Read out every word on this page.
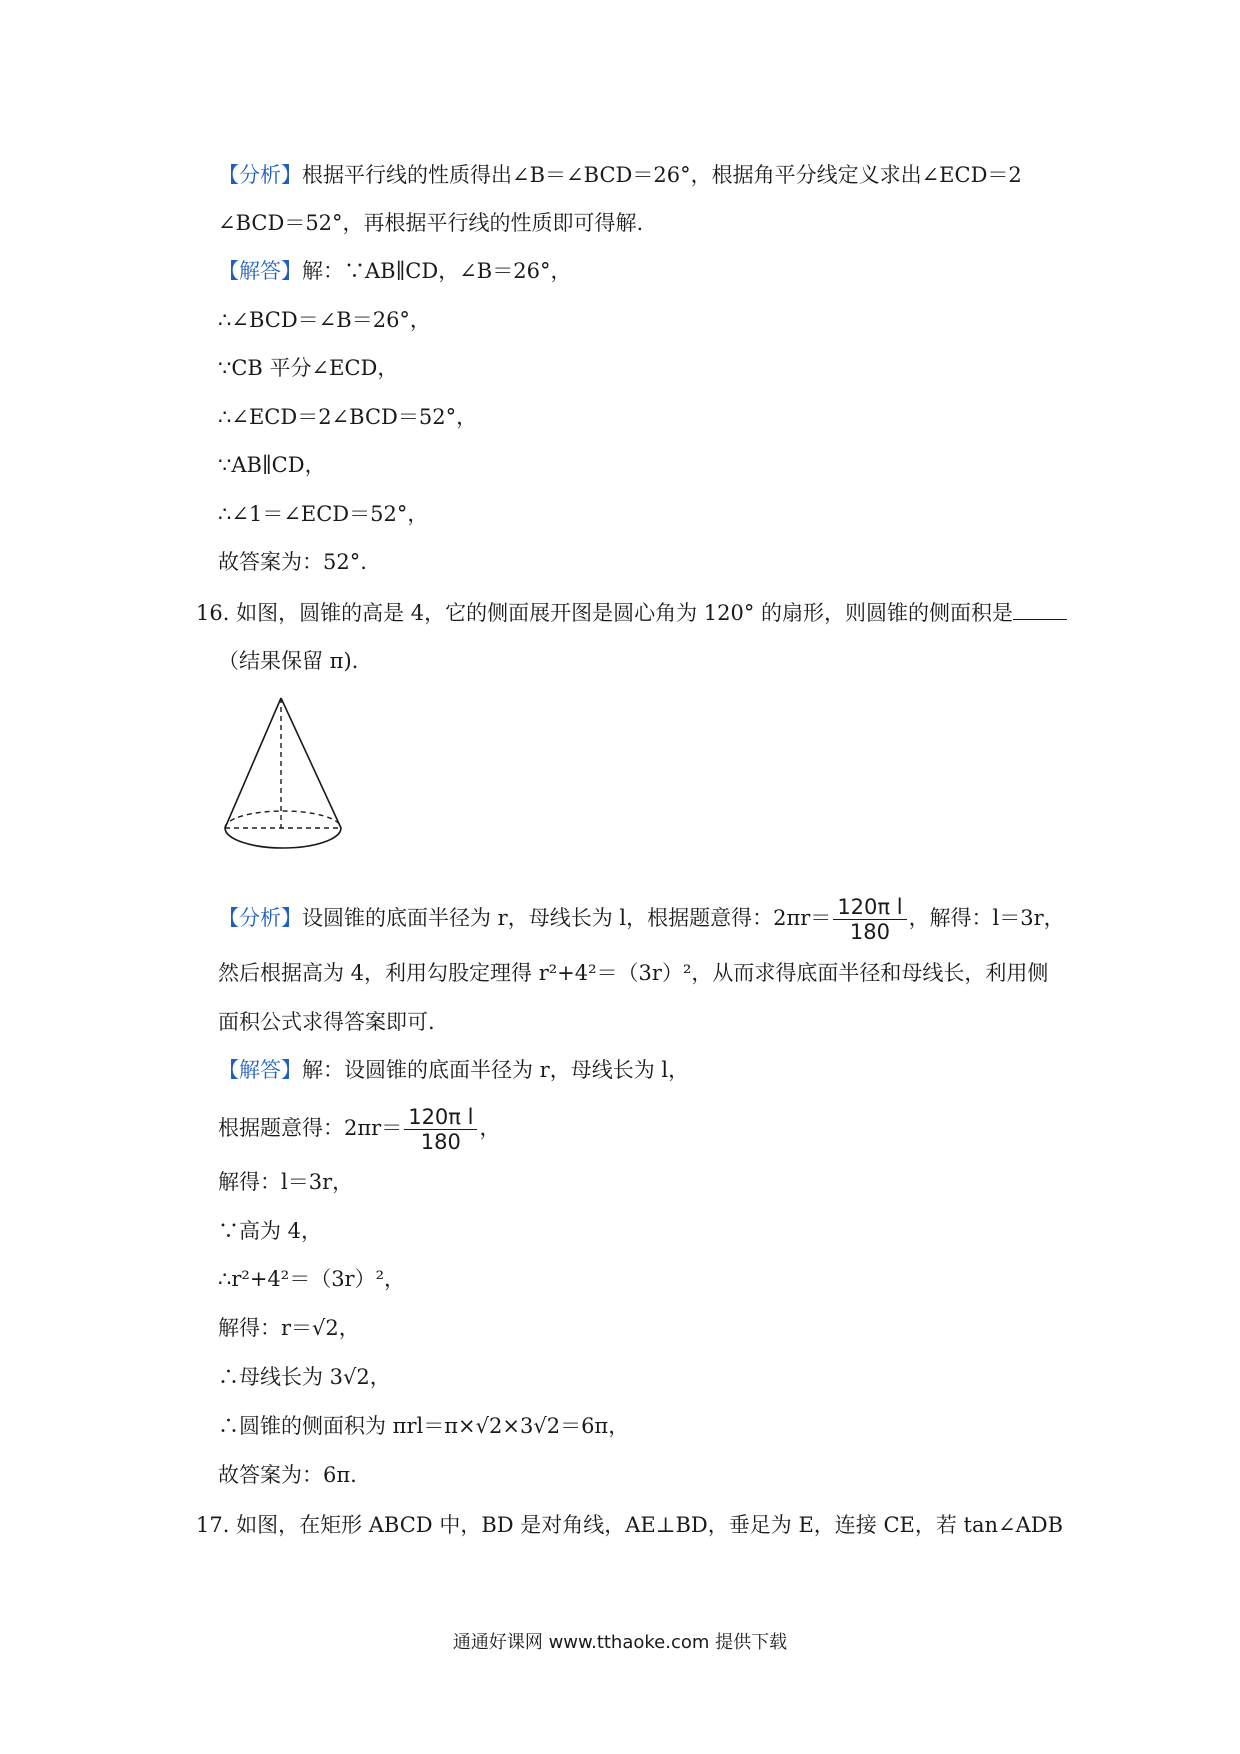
【分析】根据平行线的性质得出∠B＝∠BCD＝26°，根据角平分线定义求出∠ECD＝2
∠BCD＝52°，再根据平行线的性质即可得解.
【解答】解：∵AB∥CD，∠B＝26°，
∴∠BCD＝∠B＝26°，
∵CB 平分∠ECD，
∴∠ECD＝2∠BCD＝52°，
∵AB∥CD，
∴∠1＝∠ECD＝52°，
故答案为：52°.
16. 如图，圆锥的高是 4，它的侧面展开图是圆心角为 120° 的扇形，则圆锥的侧面积是
（结果保留 π).
【分析】设圆锥的底面半径为 r，母线长为 l，根据题意得：$2\pi r= \frac{\text{120π l}}{180}$ ，解得：l＝3r，
然后根据高为 4，利用勾股定理得 r²+4²＝（3r）²，从而求得底面半径和母线长，利用侧
面积公式求得答案即可.
【解答】解：设圆锥的底面半径为 r，母线长为 l，
根据题意得：$2\pi r= \frac{\text{120π l}}{180}$ ，
解得：l＝3r，
∵高为 4，
∴r²+4²＝（3r）²，
解得：r＝√2，
∴母线长为 3√2，
∴圆锥的侧面积为 πrl＝π×√2×3√2＝6π，
故答案为：6π.
17. 如图，在矩形 ABCD 中，BD 是对角线，AE⊥BD，垂足为 E，连接 CE，若 tan∠ADB
通通好课网 www.tthaoke.com 提供下载
